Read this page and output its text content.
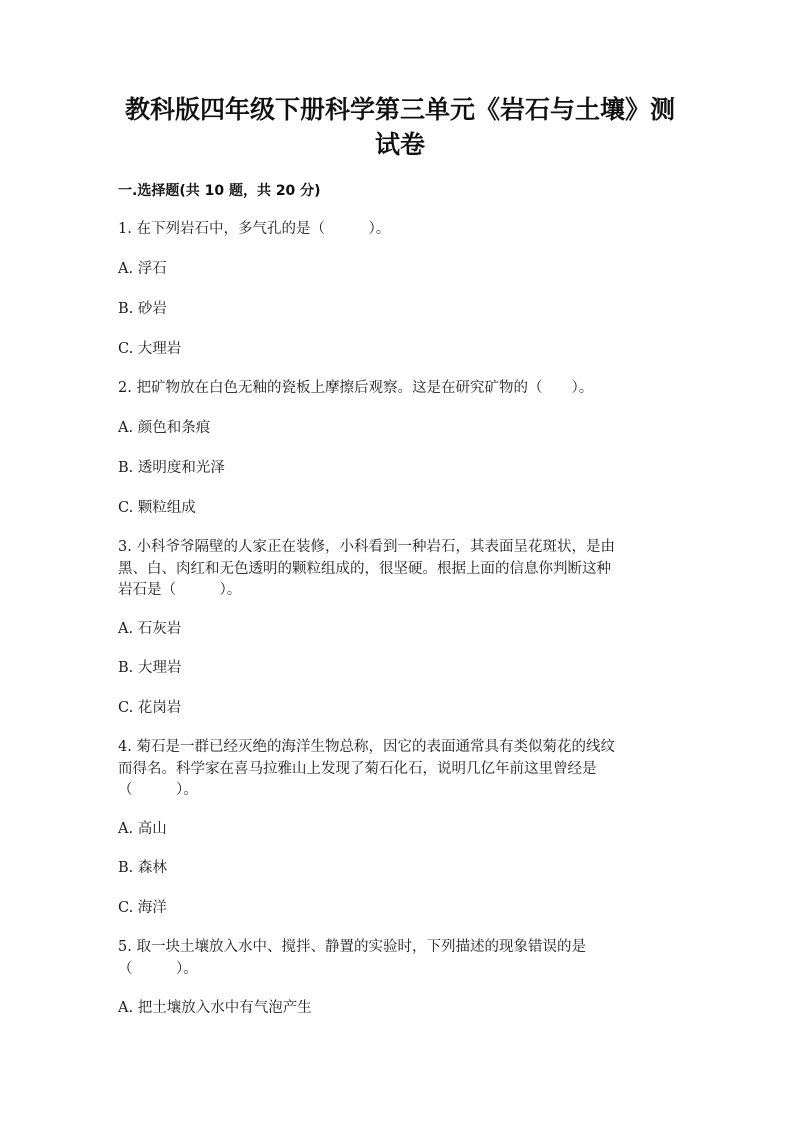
教科版四年级下册科学第三单元《岩石与土壤》测
试卷
一.选择题(共 10 题，共 20 分)
1. 在下列岩石中，多气孔的是（　　　）。
A. 浮石
B. 砂岩
C. 大理岩
2. 把矿物放在白色无釉的瓷板上摩擦后观察。这是在研究矿物的（　　）。
A. 颜色和条痕
B. 透明度和光泽
C. 颗粒组成
3. 小科爷爷隔壁的人家正在装修，小科看到一种岩石，其表面呈花斑状，是由
黑、白、肉红和无色透明的颗粒组成的，很坚硬。根据上面的信息你判断这种
岩石是（　　　）。
A. 石灰岩
B. 大理岩
C. 花岗岩
4. 菊石是一群已经灭绝的海洋生物总称，因它的表面通常具有类似菊花的线纹
而得名。科学家在喜马拉雅山上发现了菊石化石，说明几亿年前这里曾经是
（　　　）。
A. 高山
B. 森林
C. 海洋
5. 取一块土壤放入水中、搅拌、静置的实验时，下列描述的现象错误的是
（　　　）。
A. 把土壤放入水中有气泡产生
